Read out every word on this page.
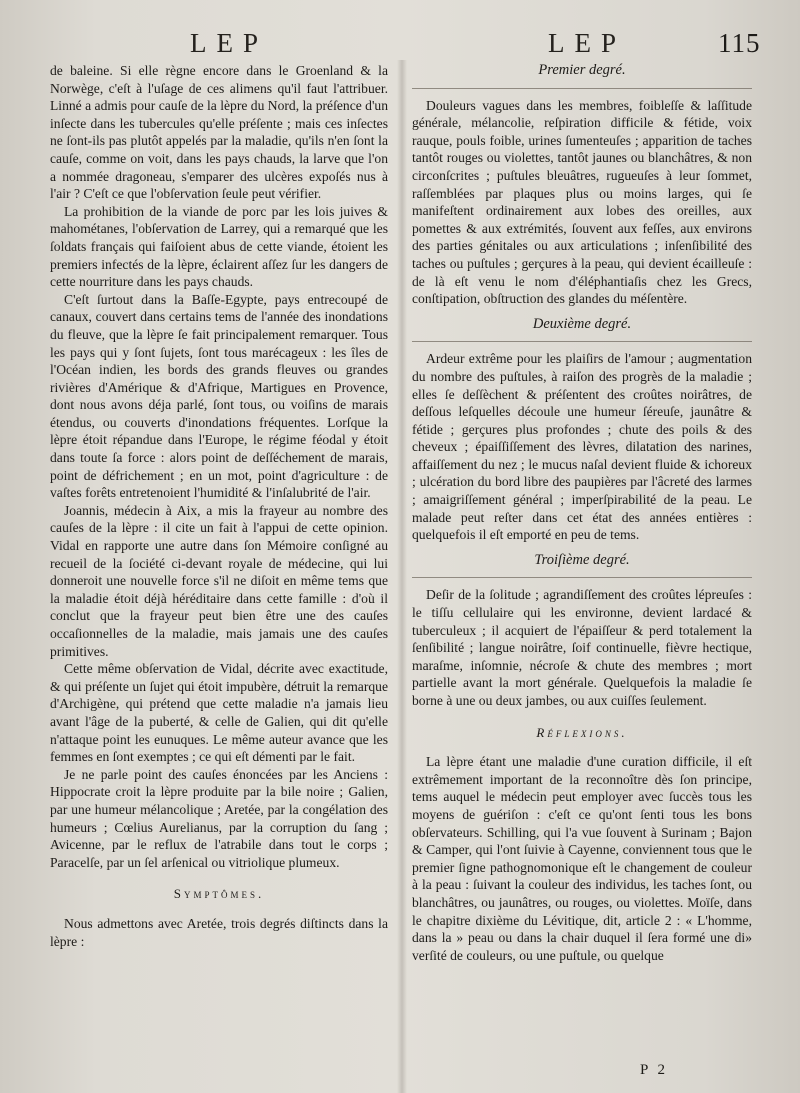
LEP	LEP	115

de baleine. Si elle règne encore dans le Groenland & la Norwège, c'eſt à l'uſage de ces alimens qu'il faut l'attribuer. Linné a admis pour cauſe de la lèpre du Nord, la préſence d'un inſecte dans les tubercules qu'elle préſente ; mais ces inſectes ne ſont-ils pas plutôt appelés par la maladie, qu'ils n'en ſont la cauſe, comme on voit, dans les pays chauds, la larve que l'on a nommée dragoneau, s'emparer des ulcères expoſés nus à l'air ? C'eſt ce que l'obſervation ſeule peut vérifier.

La prohibition de la viande de porc par les lois juives & mahométanes, l'obſervation de Larrey, qui a remarqué que les ſoldats français qui faiſoient abus de cette viande, étoient les premiers infectés de la lèpre, éclairent aſſez ſur les dangers de cette nourriture dans les pays chauds.

C'eſt ſurtout dans la Baſſe-Egypte, pays entrecoupé de canaux, couvert dans certains tems de l'année des inondations du fleuve, que la lèpre ſe fait principalement remarquer. Tous les pays qui y ſont ſujets, ſont tous marécageux : les îles de l'Océan indien, les bords des grands fleuves ou grandes rivières d'Amérique & d'Afrique, Martigues en Provence, dont nous avons déja parlé, ſont tous, ou voiſins de marais étendus, ou couverts d'inondations fréquentes. Lorſque la lèpre étoit répandue dans l'Europe, le régime féodal y étoit dans toute ſa force : alors point de deſſéchement de marais, point de défrichement ; en un mot, point d'agriculture : de vaſtes forêts entretenoient l'humidité & l'inſalubrité de l'air.

Joannis, médecin à Aix, a mis la frayeur au nombre des cauſes de la lèpre : il cite un fait à l'appui de cette opinion. Vidal en rapporte une autre dans ſon Mémoire conſigné au recueil de la ſociété ci-devant royale de médecine, qui lui donneroit une nouvelle force s'il ne diſoit en même tems que la maladie étoit déjà héréditaire dans cette famille : d'où il conclut que la frayeur peut bien être une des cauſes occaſionnelles de la maladie, mais jamais une des cauſes primitives.

Cette même obſervation de Vidal, décrite avec exactitude, & qui préſente un ſujet qui étoit impubère, détruit la remarque d'Archigène, qui prétend que cette maladie n'a jamais lieu avant l'âge de la puberté, & celle de Galien, qui dit qu'elle n'attaque point les eunuques. Le même auteur avance que les femmes en ſont exemptes ; ce qui eſt démenti par le fait.

Je ne parle point des cauſes énoncées par les Anciens : Hippocrate croit la lèpre produite par la bile noire ; Galien, par une humeur mélancolique ; Aretée, par la congélation des humeurs ; Cœlius Aurelianus, par la corruption du ſang ; Avicenne, par le reflux de l'atrabile dans tout le corps ; Paracelſe, par un ſel arſenical ou vitriolique plumeux.

Symptômes.

Nous admettons avec Aretée, trois degrés diſtincts dans la lèpre :

Premier degré.

Douleurs vagues dans les membres, foibleſſe & laſſitude générale, mélancolie, reſpiration difficile & fétide, voix rauque, pouls foible, urines ſumenteuſes ; apparition de taches tantôt rouges ou violettes, tantôt jaunes ou blanchâtres, & non circonſcrites ; puſtules bleuâtres, rugueuſes à leur ſommet, raſſemblées par plaques plus ou moins larges, qui ſe manifeſtent ordinairement aux lobes des oreilles, aux pomettes & aux extrémités, ſouvent aux feſſes, aux environs des parties génitales ou aux articulations ; inſenſibilité des taches ou puſtules ; gerçures à la peau, qui devient écailleuſe : de là eſt venu le nom d'éléphantiaſis chez les Grecs, conſtipation, obſtruction des glandes du méſentère.

Deuxième degré.

Ardeur extrême pour les plaiſirs de l'amour ; augmentation du nombre des puſtules, à raiſon des progrès de la maladie ; elles ſe deſſèchent & préſentent des croûtes noirâtres, de deſſous leſquelles découle une humeur ſéreuſe, jaunâtre & fétide ; gerçures plus profondes ; chute des poils & des cheveux ; épaiſſiſſement des lèvres, dilatation des narines, affaiſſement du nez ; le mucus naſal devient fluide & ichoreux ; ulcération du bord libre des paupières par l'âcreté des larmes ; amaigriſſement général ; imperſpirabilité de la peau. Le malade peut reſter dans cet état des années entières : quelquefois il eſt emporté en peu de tems.

Troiſième degré.

Deſir de la ſolitude ; agrandiſſement des croûtes lépreuſes : le tiſſu cellulaire qui les environne, devient lardacé & tuberculeux ; il acquiert de l'épaiſſeur & perd totalement la ſenſibilité ; langue noirâtre, ſoif continuelle, fièvre hectique, maraſme, inſomnie, nécroſe & chute des membres ; mort partielle avant la mort générale. Quelquefois la maladie ſe borne à une ou deux jambes, ou aux cuiſſes ſeulement.

Réflexions.

La lèpre étant une maladie d'une curation difficile, il eſt extrêmement important de la reconnoître dès ſon principe, tems auquel le médecin peut employer avec ſuccès tous les moyens de guériſon : c'eſt ce qu'ont ſenti tous les bons obſervateurs. Schilling, qui l'a vue ſouvent à Surinam ; Bajon & Camper, qui l'ont ſuivie à Cayenne, conviennent tous que le premier ſigne pathognomonique eſt le changement de couleur à la peau : ſuivant la couleur des individus, les taches ſont, ou blanchâtres, ou jaunâtres, ou rouges, ou violettes. Moïſe, dans le chapitre dixième du Lévitique, dit, article 2 : « L'homme, dans la » peau ou dans la chair duquel il ſera formé une di» verſité de couleurs, ou une puſtule, ou quelque

P 2
